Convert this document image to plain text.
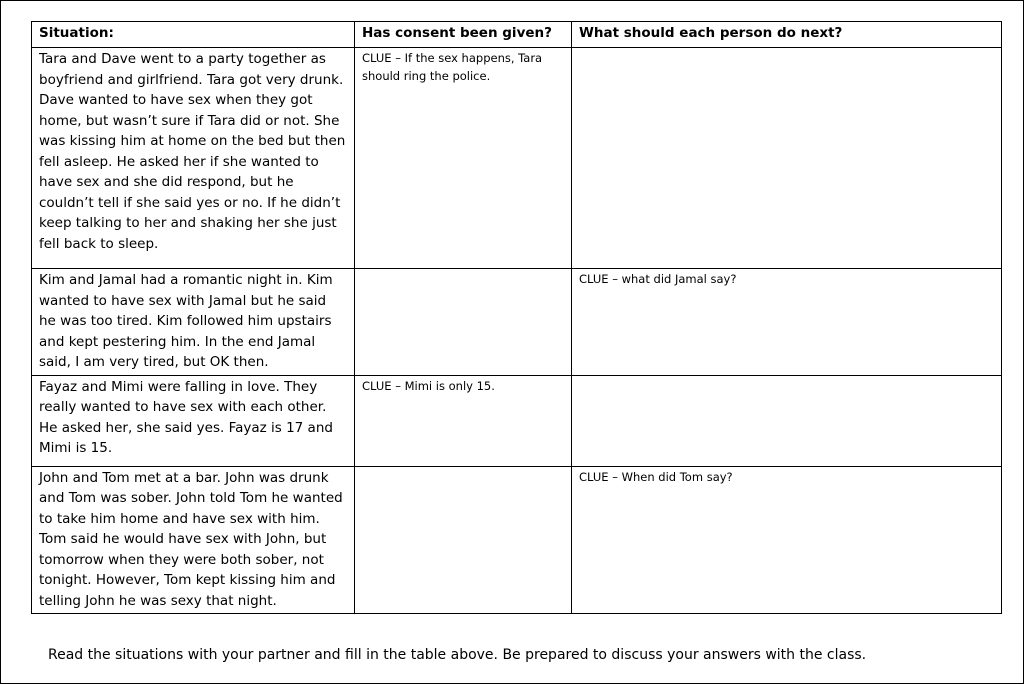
Situation:	Has consent been given?	What should each person do next?
Tara and Dave went to a party together as boyfriend and girlfriend. Tara got very drunk. Dave wanted to have sex when they got home, but wasn’t sure if Tara did or not. She was kissing him at home on the bed but then fell asleep. He asked her if she wanted to have sex and she did respond, but he couldn’t tell if she said yes or no. If he didn’t keep talking to her and shaking her she just fell back to sleep.	CLUE – If the sex happens, Tara should ring the police.	
Kim and Jamal had a romantic night in. Kim wanted to have sex with Jamal but he said he was too tired. Kim followed him upstairs and kept pestering him. In the end Jamal said, I am very tired, but OK then.		CLUE – what did Jamal say?
Fayaz and Mimi were falling in love. They really wanted to have sex with each other. He asked her, she said yes. Fayaz is 17 and Mimi is 15.	CLUE – Mimi is only 15.	
John and Tom met at a bar. John was drunk and Tom was sober. John told Tom he wanted to take him home and have sex with him. Tom said he would have sex with John, but tomorrow when they were both sober, not tonight. However, Tom kept kissing him and telling John he was sexy that night.		CLUE – When did Tom say?
Read the situations with your partner and fill in the table above. Be prepared to discuss your answers with the class.
